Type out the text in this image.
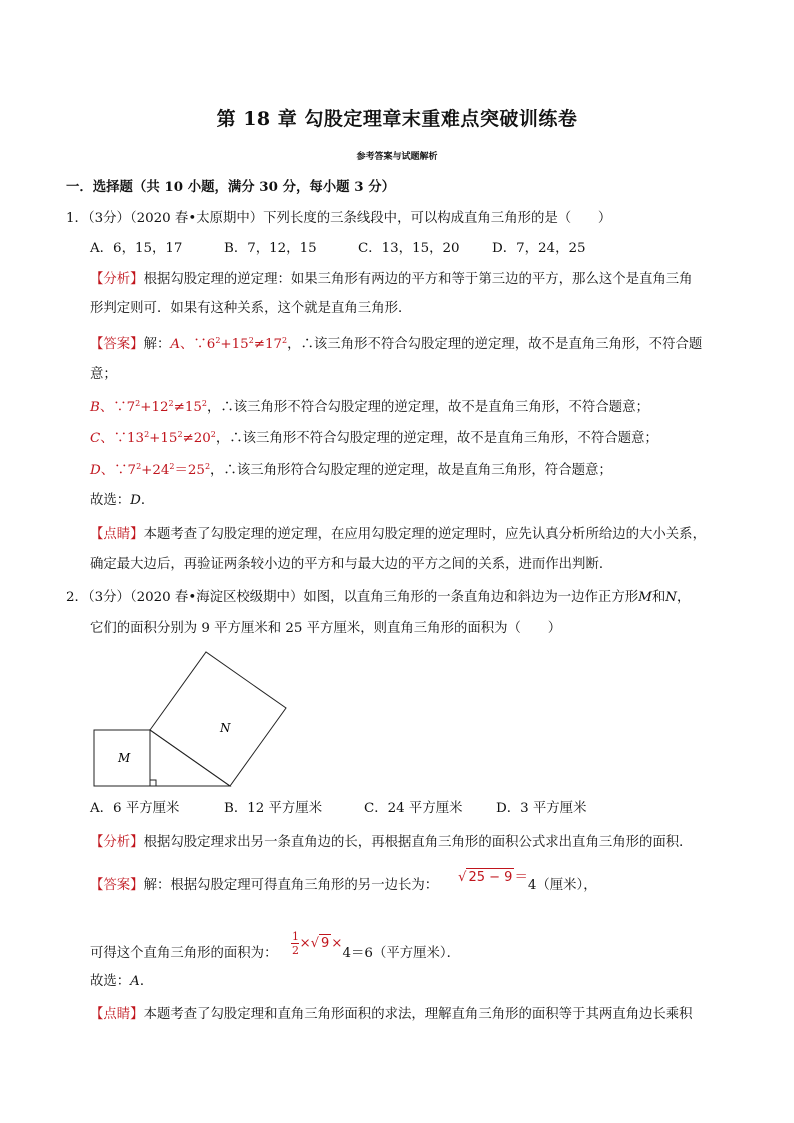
第 18 章 勾股定理章末重难点突破训练卷
参考答案与试题解析
一．选择题（共 10 小题，满分 30 分，每小题 3 分）
1．（3分）（2020 春•太原期中）下列长度的三条线段中，可以构成直角三角形的是（　　）
A．6，15，17	B．7，12，15	C．13，15，20 D．7，24，25
【分析】根据勾股定理的逆定理：如果三角形有两边的平方和等于第三边的平方，那么这个是直角三角
形判定则可．如果有这种关系，这个就是直角三角形．
【答案】解：A、$\because 6^2+15^2\ne 17^2$，∴该三角形不符合勾股定理的逆定理，故不是直角三角形，不符合题
意；
B、$\because 7^2+12^2\ne 15^2$，∴该三角形不符合勾股定理的逆定理，故不是直角三角形，不符合题意；
C、$\because 13^2+15^2\ne 20^2$，∴该三角形不符合勾股定理的逆定理，故不是直角三角形，不符合题意；
D、$\because 7^2+24^2=25^2$，∴该三角形符合勾股定理的逆定理，故是直角三角形，符合题意；
故选：D．
【点睛】本题考查了勾股定理的逆定理，在应用勾股定理的逆定理时，应先认真分析所给边的大小关系，
确定最大边后，再验证两条较小边的平方和与最大边的平方之间的关系，进而作出判断．
2．（3分）（2020 春•海淀区校级期中）如图，以直角三角形的一条直角边和斜边为一边作正方形M和N，
它们的面积分别为 9 平方厘米和 25 平方厘米，则直角三角形的面积为（　　）
M
N
A．6 平方厘米	B．12 平方厘米	C．24 平方厘米	D．3 平方厘米
【分析】根据勾股定理求出另一条直角边的长，再根据直角三角形的面积公式求出直角三角形的面积．
【答案】解：根据勾股定理可得直角三角形的另一边长为：√ 25 − 9 ＝4（厘米），
可得这个直角三角形的面积为： $\frac{1}{2}$ ×√ 9 ×4＝6（平方厘米）．
故选：A．
【点睛】本题考查了勾股定理和直角三角形面积的求法，理解直角三角形的面积等于其两直角边长乘积
